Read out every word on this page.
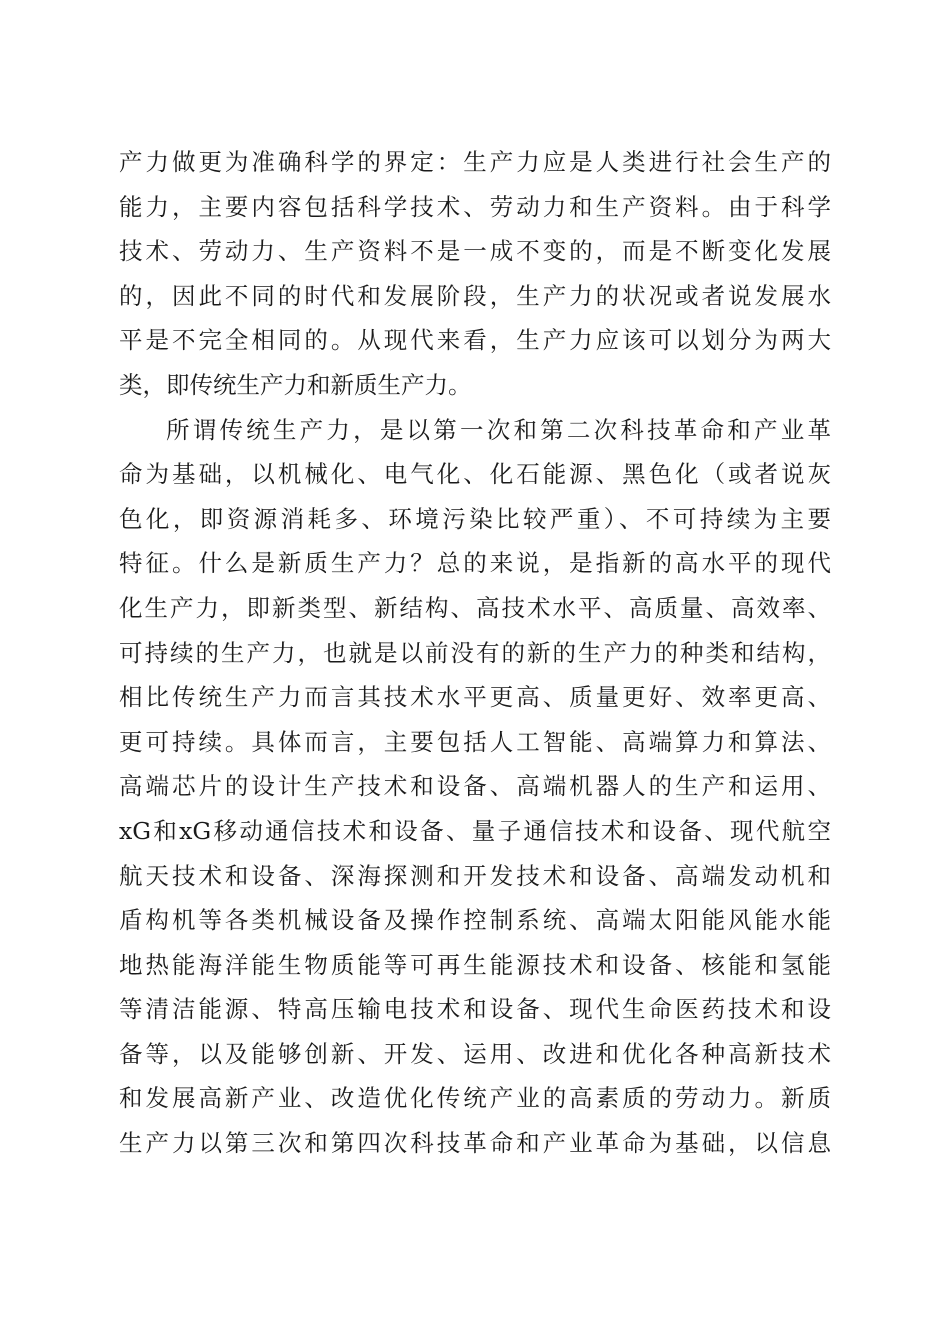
产力做更为准确科学的界定：生产力应是人类进行社会生产的
能力，主要内容包括科学技术、劳动力和生产资料。由于科学
技术、劳动力、生产资料不是一成不变的，而是不断变化发展
的，因此不同的时代和发展阶段，生产力的状况或者说发展水
平是不完全相同的。从现代来看，生产力应该可以划分为两大
类，即传统生产力和新质生产力。
所谓传统生产力，是以第一次和第二次科技革命和产业革
命为基础，以机械化、电气化、化石能源、黑色化（或者说灰
色化，即资源消耗多、环境污染比较严重）、不可持续为主要
特征。什么是新质生产力？总的来说，是指新的高水平的现代
化生产力，即新类型、新结构、高技术水平、高质量、高效率、
可持续的生产力，也就是以前没有的新的生产力的种类和结构，
相比传统生产力而言其技术水平更高、质量更好、效率更高、
更可持续。具体而言，主要包括人工智能、高端算力和算法、
高端芯片的设计生产技术和设备、高端机器人的生产和运用、
xG和xG移动通信技术和设备、量子通信技术和设备、现代航空
航天技术和设备、深海探测和开发技术和设备、高端发动机和
盾构机等各类机械设备及操作控制系统、高端太阳能风能水能
地热能海洋能生物质能等可再生能源技术和设备、核能和氢能
等清洁能源、特高压输电技术和设备、现代生命医药技术和设
备等，以及能够创新、开发、运用、改进和优化各种高新技术
和发展高新产业、改造优化传统产业的高素质的劳动力。新质
生产力以第三次和第四次科技革命和产业革命为基础，以信息
